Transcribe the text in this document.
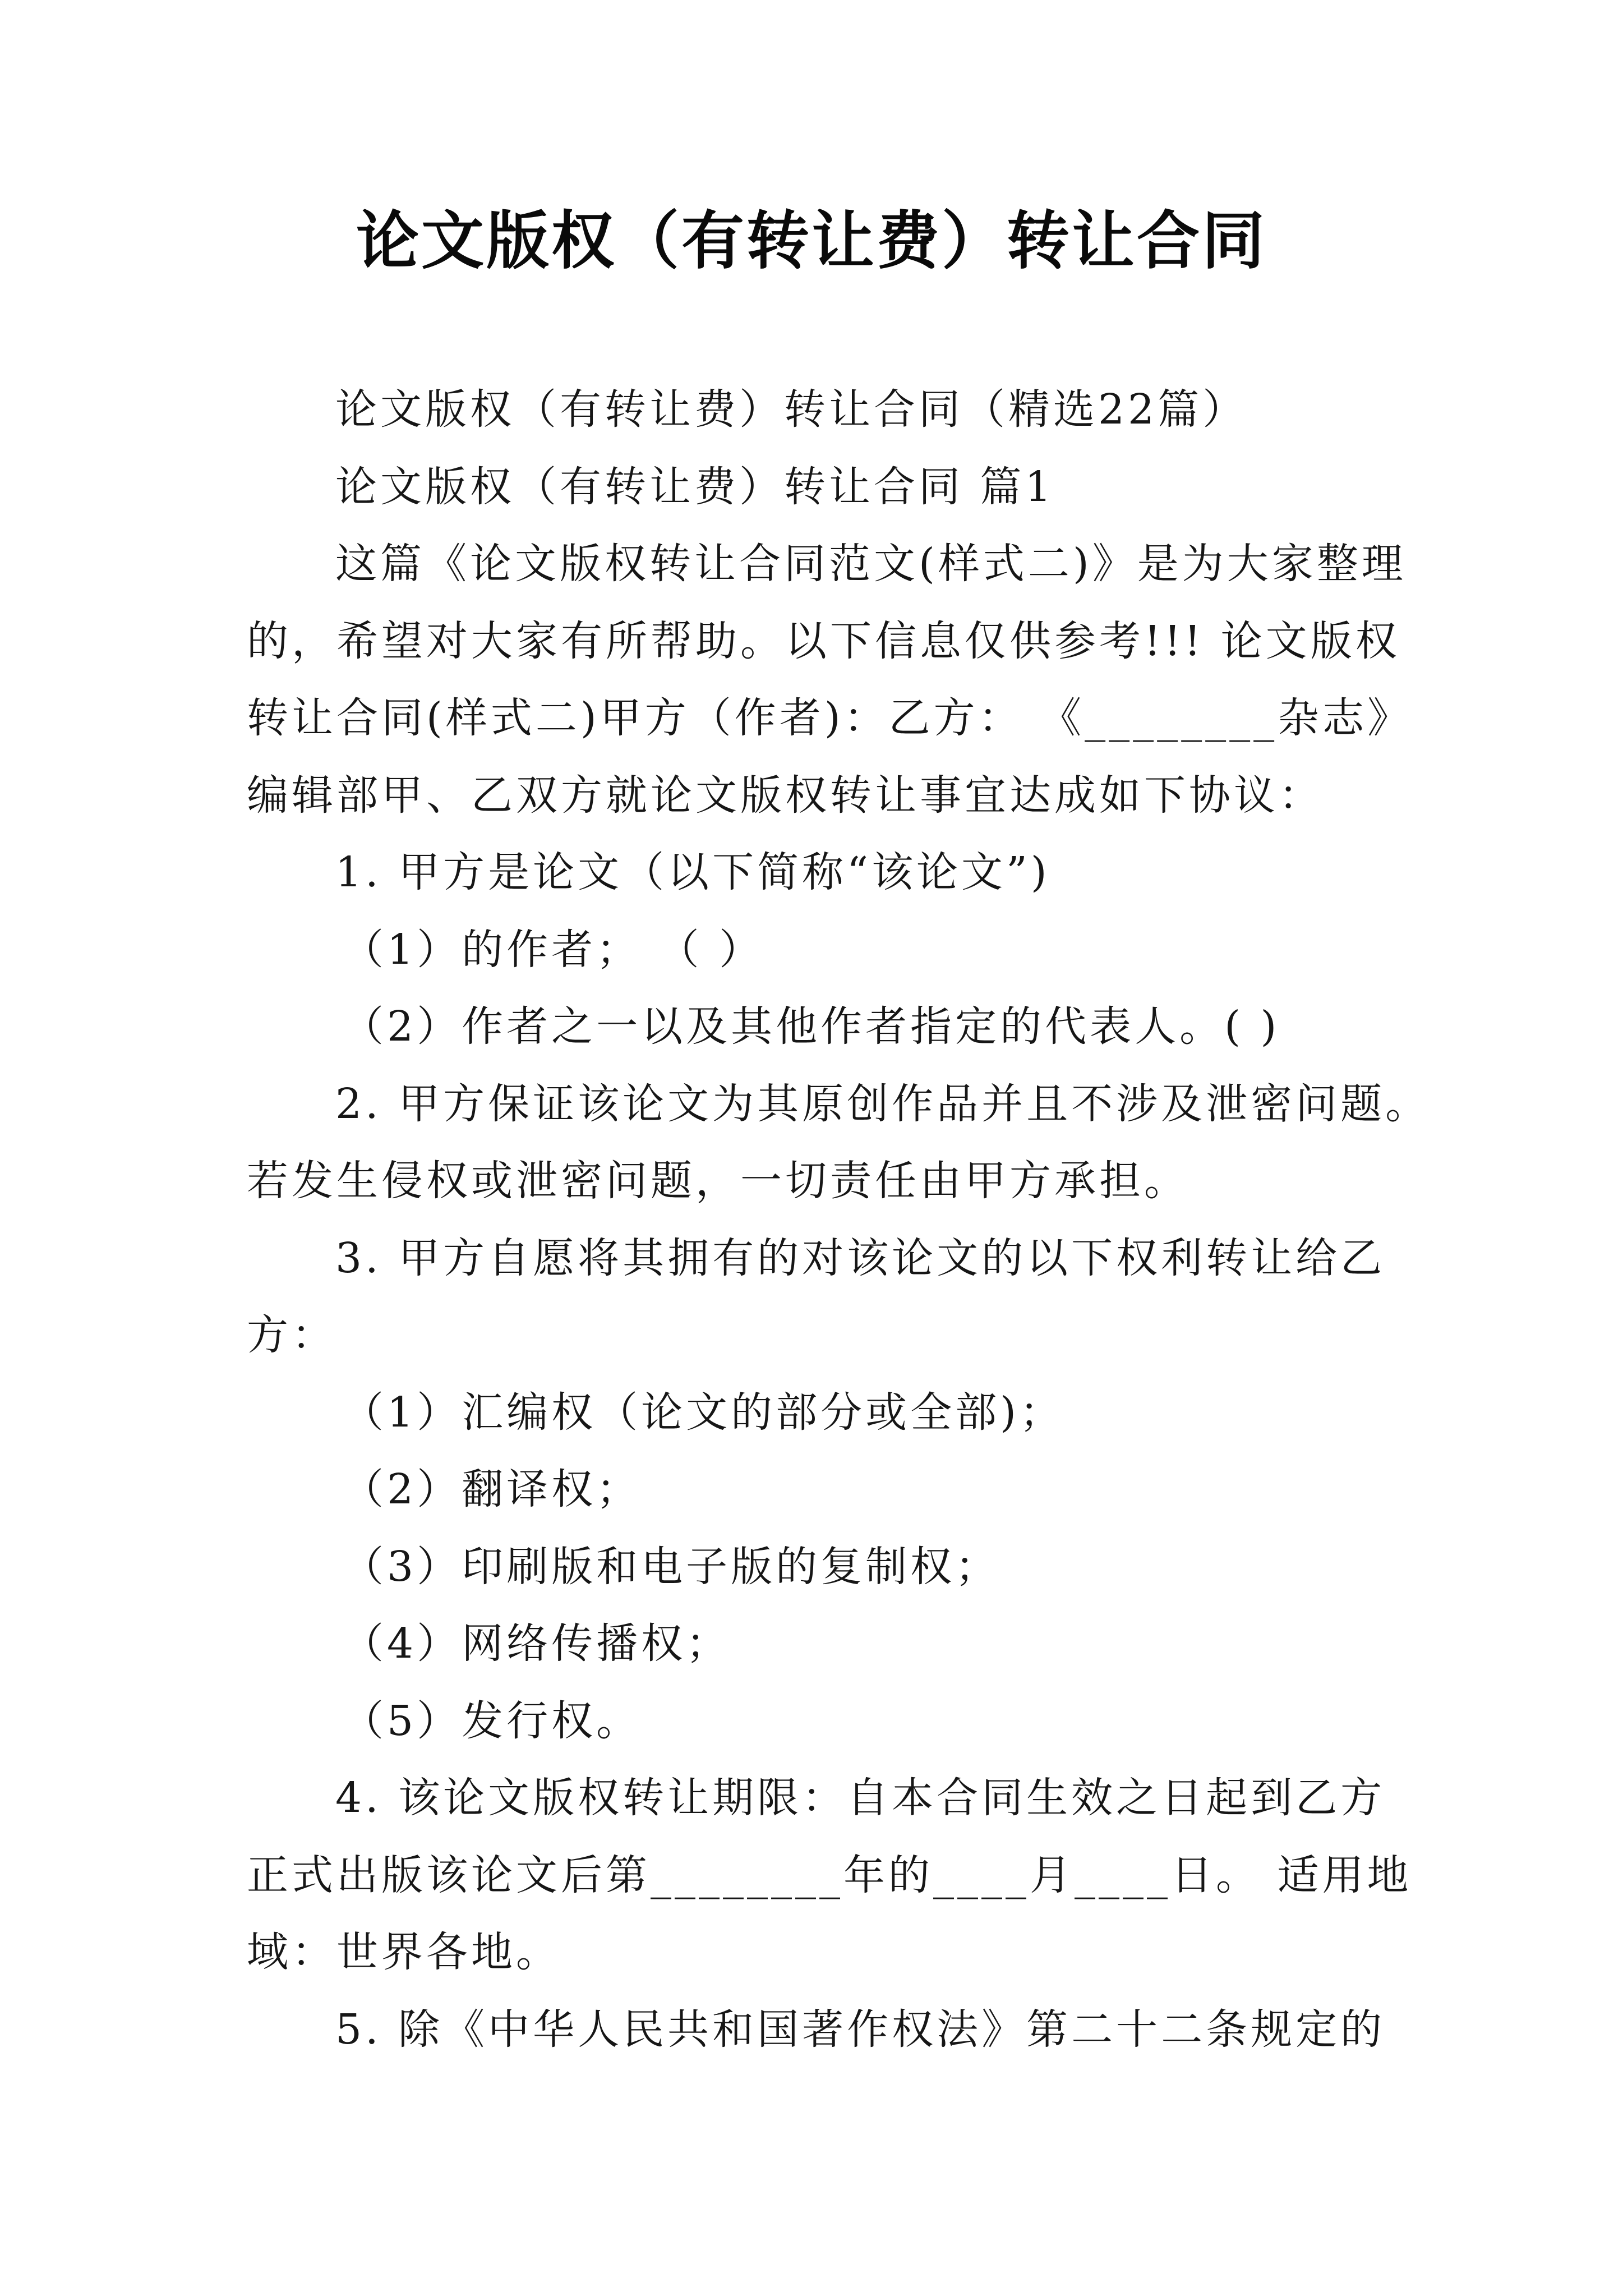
论文版权（有转让费）转让合同
论文版权（有转让费）转让合同（精选22篇）
论文版权（有转让费）转让合同 篇1
这篇《论文版权转让合同范文(样式二)》是为大家整理
的，希望对大家有所帮助。以下信息仅供参考!!! 论文版权
转让合同(样式二)甲方（作者)：乙方： 《________杂志》
编辑部甲、乙双方就论文版权转让事宜达成如下协议：
1. 甲方是论文（以下简称“该论文”)
（1）的作者； （ ）
（2）作者之一以及其他作者指定的代表人。( )
2. 甲方保证该论文为其原创作品并且不涉及泄密问题。
若发生侵权或泄密问题，一切责任由甲方承担。
3. 甲方自愿将其拥有的对该论文的以下权利转让给乙
方：
（1）汇编权（论文的部分或全部)；
（2）翻译权；
（3）印刷版和电子版的复制权；
（4）网络传播权；
（5）发行权。
4. 该论文版权转让期限：自本合同生效之日起到乙方
正式出版该论文后第________年的____月____日。 适用地
域：世界各地。
5. 除《中华人民共和国著作权法》第二十二条规定的
